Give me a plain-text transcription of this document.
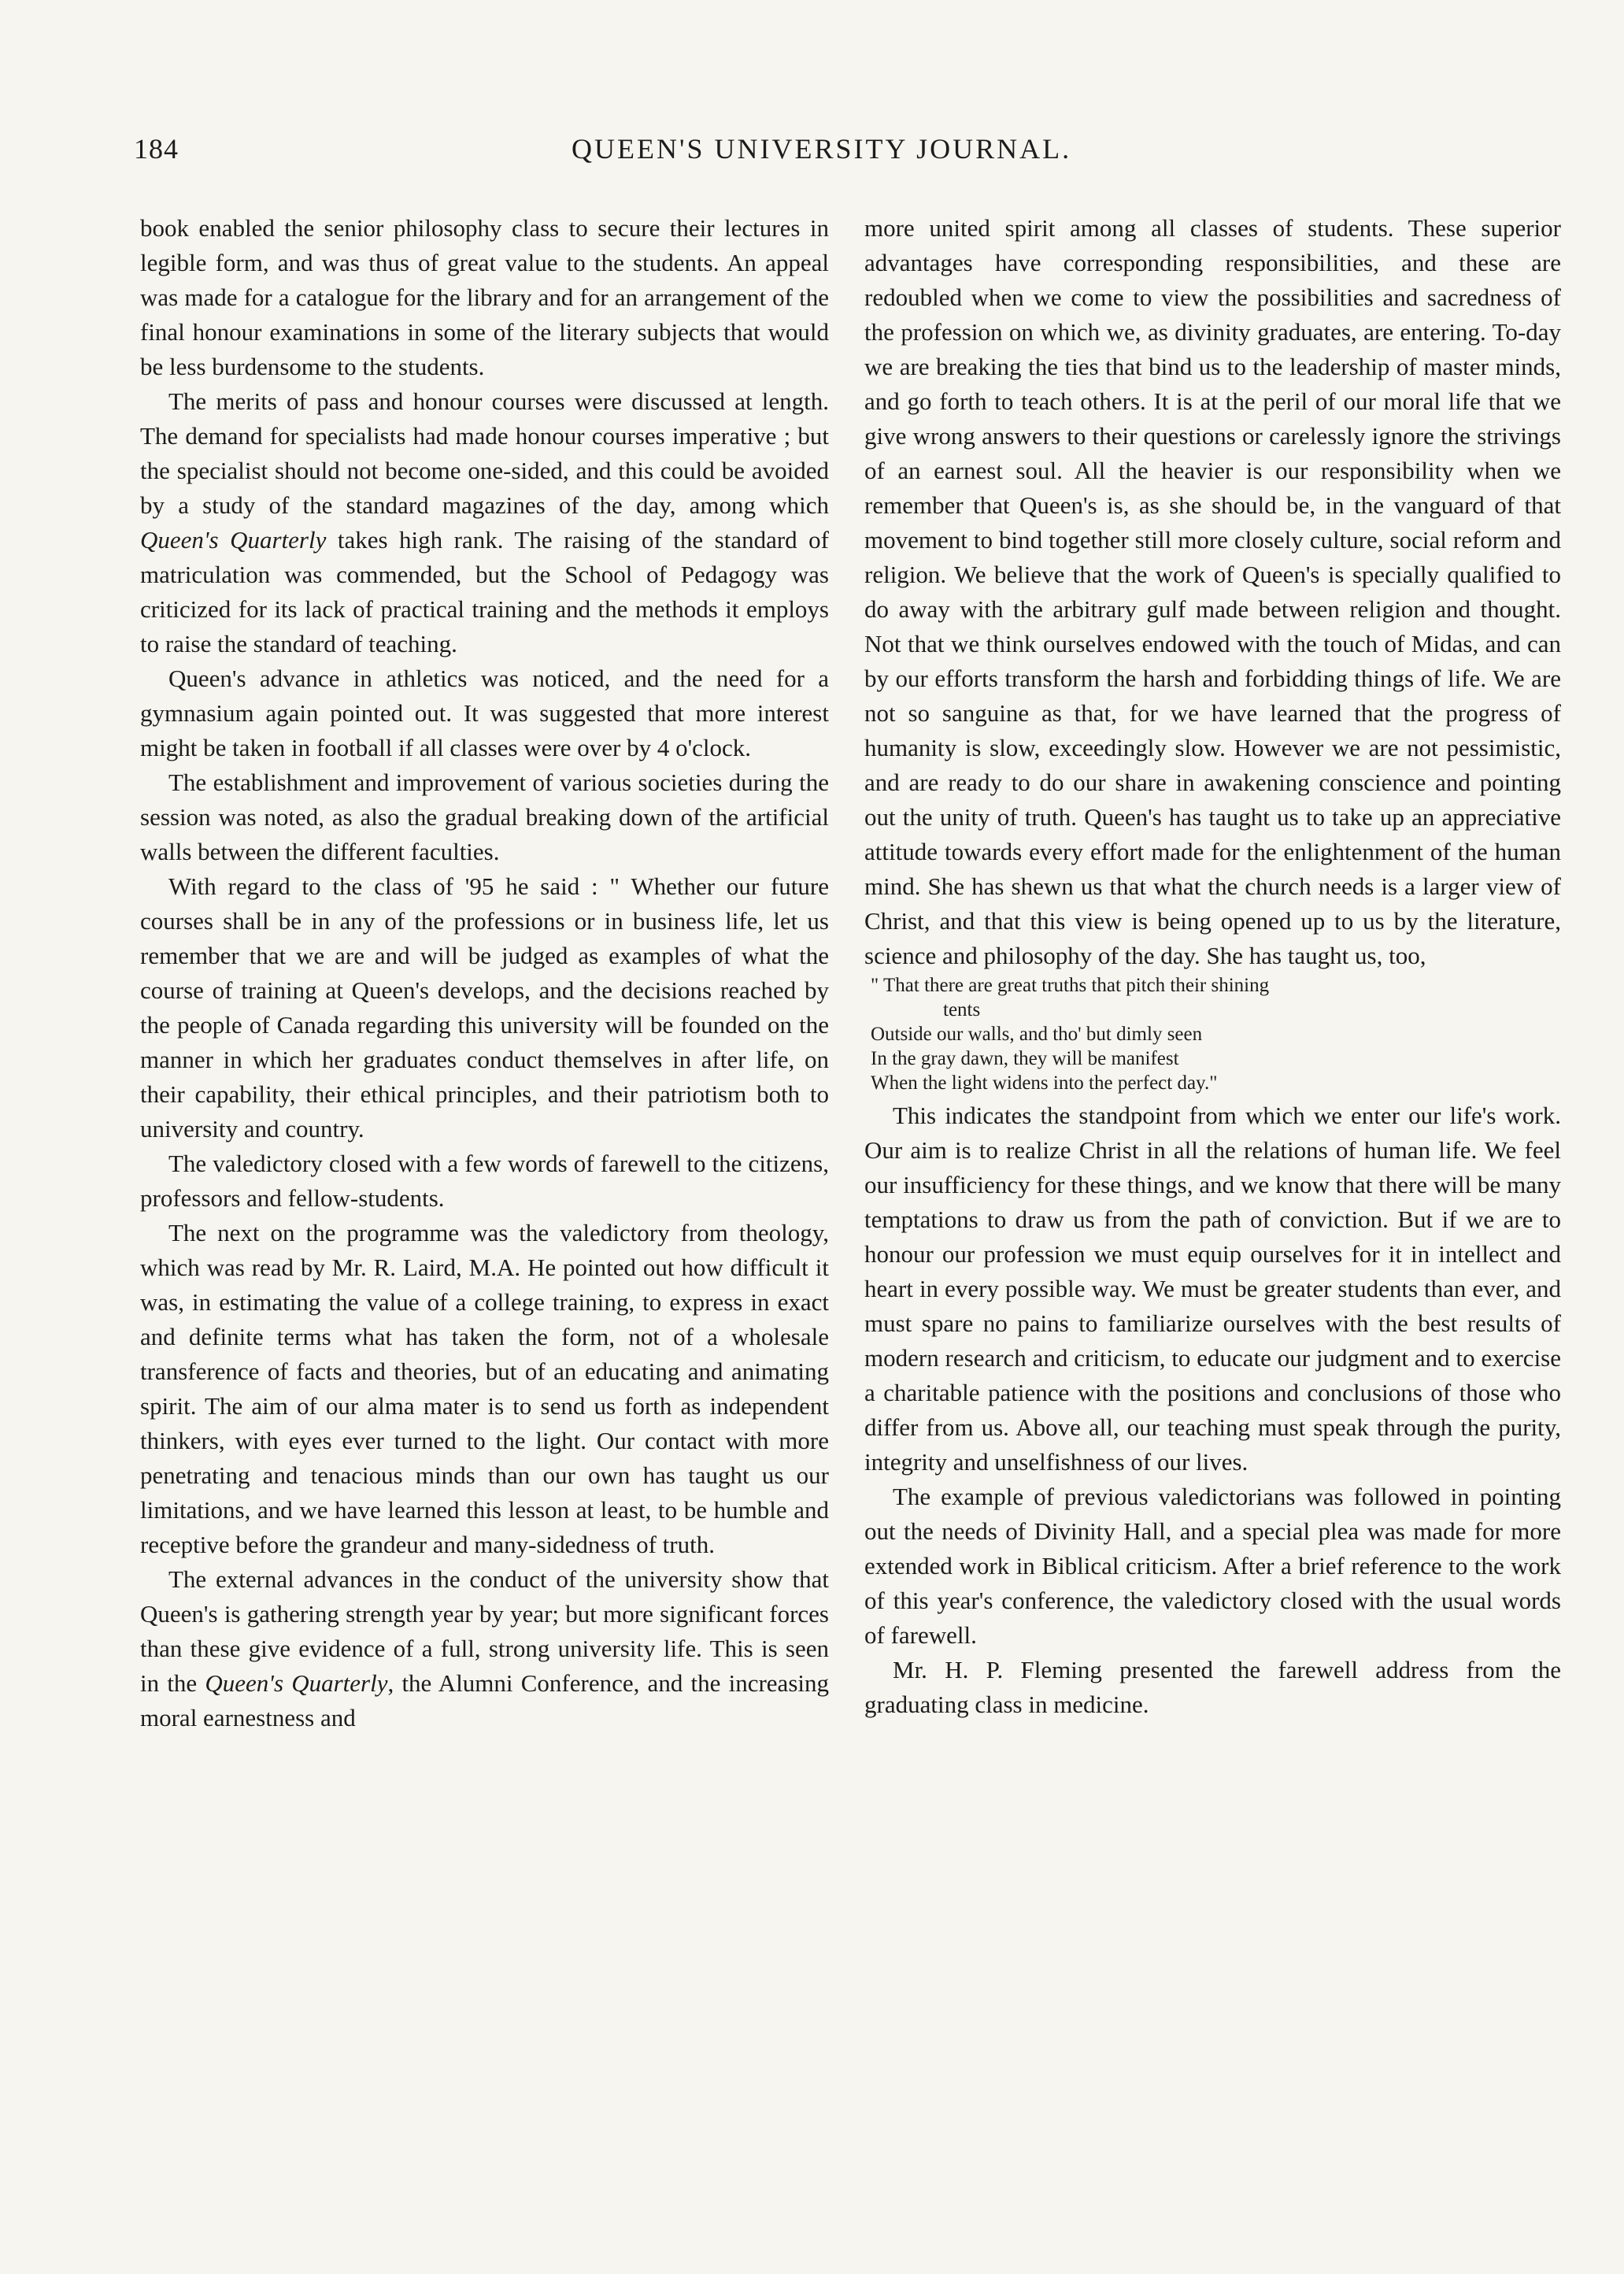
184	QUEEN'S UNIVERSITY JOURNAL.

book enabled the senior philosophy class to secure their lectures in legible form, and was thus of great value to the students. An appeal was made for a catalogue for the library and for an arrangement of the final honour examinations in some of the literary subjects that would be less burdensome to the students.

The merits of pass and honour courses were discussed at length. The demand for specialists had made honour courses imperative ; but the specialist should not become one-sided, and this could be avoided by a study of the standard magazines of the day, among which Queen's Quarterly takes high rank. The raising of the standard of matriculation was commended, but the School of Pedagogy was criticized for its lack of practical training and the methods it employs to raise the standard of teaching.

Queen's advance in athletics was noticed, and the need for a gymnasium again pointed out. It was suggested that more interest might be taken in football if all classes were over by 4 o'clock.

The establishment and improvement of various societies during the session was noted, as also the gradual breaking down of the artificial walls between the different faculties.

With regard to the class of '95 he said : " Whether our future courses shall be in any of the professions or in business life, let us remember that we are and will be judged as examples of what the course of training at Queen's develops, and the decisions reached by the people of Canada regarding this university will be founded on the manner in which her graduates conduct themselves in after life, on their capability, their ethical principles, and their patriotism both to university and country.

The valedictory closed with a few words of farewell to the citizens, professors and fellow-students.

The next on the programme was the valedictory from theology, which was read by Mr. R. Laird, M.A. He pointed out how difficult it was, in estimating the value of a college training, to express in exact and definite terms what has taken the form, not of a wholesale transference of facts and theories, but of an educating and animating spirit. The aim of our alma mater is to send us forth as independent thinkers, with eyes ever turned to the light. Our contact with more penetrating and tenacious minds than our own has taught us our limitations, and we have learned this lesson at least, to be humble and receptive before the grandeur and many-sidedness of truth.

The external advances in the conduct of the university show that Queen's is gathering strength year by year; but more significant forces than these give evidence of a full, strong university life. This is seen in the Queen's Quarterly, the Alumni Conference, and the increasing moral earnestness and

more united spirit among all classes of students. These superior advantages have corresponding responsibilities, and these are redoubled when we come to view the possibilities and sacredness of the profession on which we, as divinity graduates, are entering. To-day we are breaking the ties that bind us to the leadership of master minds, and go forth to teach others. It is at the peril of our moral life that we give wrong answers to their questions or carelessly ignore the strivings of an earnest soul. All the heavier is our responsibility when we remember that Queen's is, as she should be, in the vanguard of that movement to bind together still more closely culture, social reform and religion. We believe that the work of Queen's is specially qualified to do away with the arbitrary gulf made between religion and thought. Not that we think ourselves endowed with the touch of Midas, and can by our efforts transform the harsh and forbidding things of life. We are not so sanguine as that, for we have learned that the progress of humanity is slow, exceedingly slow. However we are not pessimistic, and are ready to do our share in awakening conscience and pointing out the unity of truth. Queen's has taught us to take up an appreciative attitude towards every effort made for the enlightenment of the human mind. She has shewn us that what the church needs is a larger view of Christ, and that this view is being opened up to us by the literature, science and philosophy of the day. She has taught us, too,

" That there are great truths that pitch their shining
tents
Outside our walls, and tho' but dimly seen
In the gray dawn, they will be manifest
When the light widens into the perfect day."

This indicates the standpoint from which we enter our life's work. Our aim is to realize Christ in all the relations of human life. We feel our insufficiency for these things, and we know that there will be many temptations to draw us from the path of conviction. But if we are to honour our profession we must equip ourselves for it in intellect and heart in every possible way. We must be greater students than ever, and must spare no pains to familiarize ourselves with the best results of modern research and criticism, to educate our judgment and to exercise a charitable patience with the positions and conclusions of those who differ from us. Above all, our teaching must speak through the purity, integrity and unselfishness of our lives.

The example of previous valedictorians was followed in pointing out the needs of Divinity Hall, and a special plea was made for more extended work in Biblical criticism. After a brief reference to the work of this year's conference, the valedictory closed with the usual words of farewell.

Mr. H. P. Fleming presented the farewell address from the graduating class in medicine.
